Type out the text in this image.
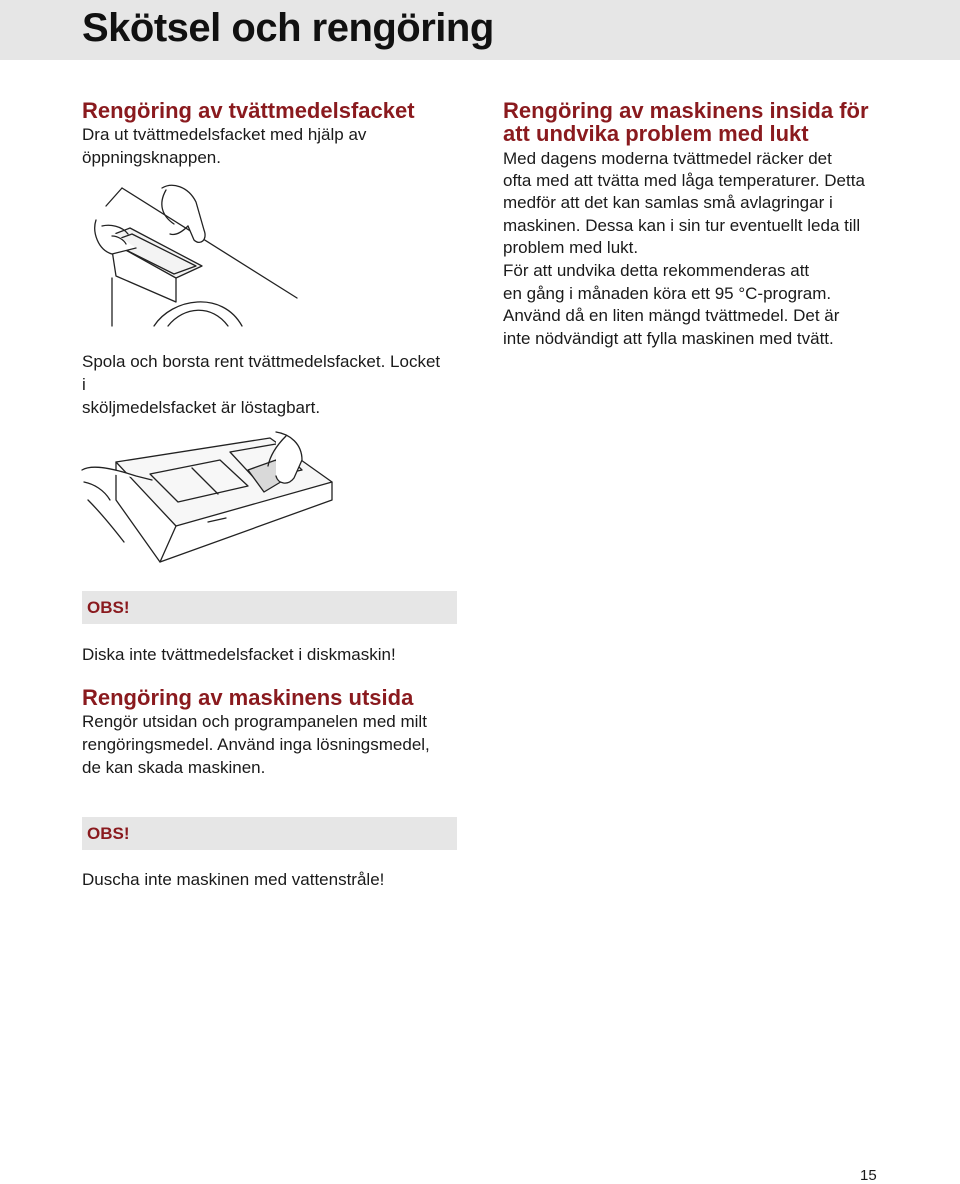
Skötsel och rengöring
Rengöring av tvättmedelsfacket

Dra ut tvättmedelsfacket med hjälp av

öppningsknappen.

Spola och borsta rent tvättmedelsfacket. Locket

i

sköljmedelsfacket är löstagbart.

OBS!

Diska inte tvättmedelsfacket i diskmaskin!

Rengöring av maskinens utsida

Rengör utsidan och programpanelen med milt

rengöringsmedel. Använd inga lösningsmedel,

de kan skada maskinen.

OBS!

Duscha inte maskinen med vattenstråle!

Rengöring av maskinens insida för
att undvika problem med lukt

Med dagens moderna tvättmedel räcker det

ofta med att tvätta med låga temperaturer. Detta

medför att det kan samlas små avlagringar i

maskinen. Dessa kan i sin tur eventuellt leda till

problem med lukt.

För att undvika detta rekommenderas att

en gång i månaden köra ett 95 °C-program.

Använd då en liten mängd tvättmedel. Det är

inte nödvändigt att fylla maskinen med tvätt.

15
